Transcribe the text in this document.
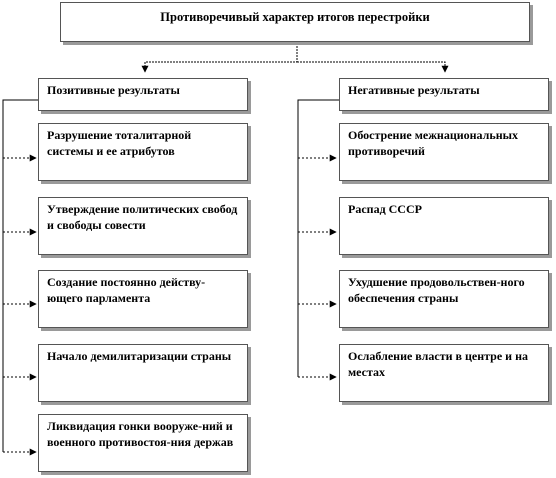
Противоречивый характер итогов перестройки
Позитивные результаты
Разрушение тоталитарной системы и ее атрибутов
Утверждение политических свобод и свободы совести
Создание постоянно действу-ющего парламента
Начало демилитаризации страны
Ликвидация гонки вооруже-ний и военного противостоя-ния держав
Негативные результаты
Обострение межнациональных противоречий
Распад СССР
Ухудшение продовольствен-ного обеспечения страны
Ослабление власти в центре и на местах
